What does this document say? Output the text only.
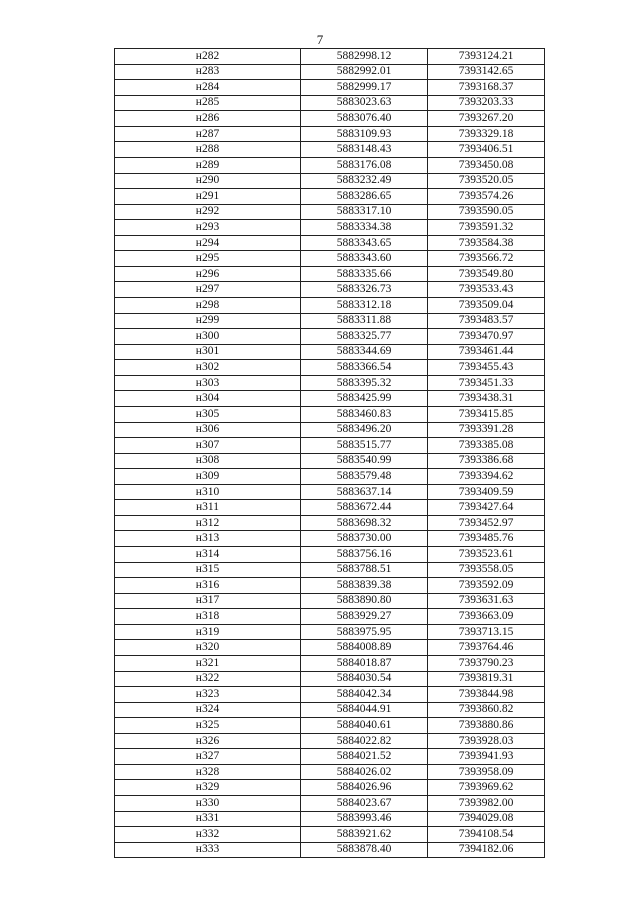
7
н282	5882998.12	7393124.21
н283	5882992.01	7393142.65
н284	5882999.17	7393168.37
н285	5883023.63	7393203.33
н286	5883076.40	7393267.20
н287	5883109.93	7393329.18
н288	5883148.43	7393406.51
н289	5883176.08	7393450.08
н290	5883232.49	7393520.05
н291	5883286.65	7393574.26
н292	5883317.10	7393590.05
н293	5883334.38	7393591.32
н294	5883343.65	7393584.38
н295	5883343.60	7393566.72
н296	5883335.66	7393549.80
н297	5883326.73	7393533.43
н298	5883312.18	7393509.04
н299	5883311.88	7393483.57
н300	5883325.77	7393470.97
н301	5883344.69	7393461.44
н302	5883366.54	7393455.43
н303	5883395.32	7393451.33
н304	5883425.99	7393438.31
н305	5883460.83	7393415.85
н306	5883496.20	7393391.28
н307	5883515.77	7393385.08
н308	5883540.99	7393386.68
н309	5883579.48	7393394.62
н310	5883637.14	7393409.59
н311	5883672.44	7393427.64
н312	5883698.32	7393452.97
н313	5883730.00	7393485.76
н314	5883756.16	7393523.61
н315	5883788.51	7393558.05
н316	5883839.38	7393592.09
н317	5883890.80	7393631.63
н318	5883929.27	7393663.09
н319	5883975.95	7393713.15
н320	5884008.89	7393764.46
н321	5884018.87	7393790.23
н322	5884030.54	7393819.31
н323	5884042.34	7393844.98
н324	5884044.91	7393860.82
н325	5884040.61	7393880.86
н326	5884022.82	7393928.03
н327	5884021.52	7393941.93
н328	5884026.02	7393958.09
н329	5884026.96	7393969.62
н330	5884023.67	7393982.00
н331	5883993.46	7394029.08
н332	5883921.62	7394108.54
н333	5883878.40	7394182.06
